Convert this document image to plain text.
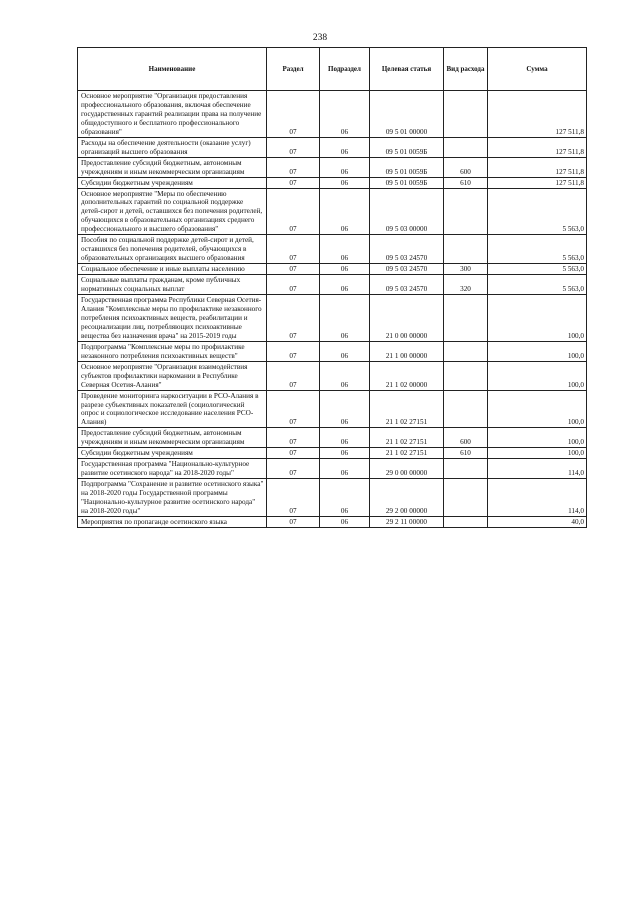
238
Наименование	Раздел	Подраздел	Целевая статья	Вид расхода	Сумма
Основное мероприятие "Организация предоставления профессионального образования, включая обеспечение государственных гарантий реализации права на получение общедоступного и бесплатного профессионального образования"	07	06	09 5 01 00000		127 511,8
Расходы на обеспечение деятельности (оказание услуг) организаций высшего образования	07	06	09 5 01 0059Б		127 511,8
Предоставление субсидий бюджетным, автономным учреждениям и иным некоммерческим организациям	07	06	09 5 01 0059Б	600	127 511,8
Субсидии бюджетным учреждениям	07	06	09 5 01 0059Б	610	127 511,8
Основное мероприятие "Меры по обеспечению дополнительных гарантий по социальной поддержке детей-сирот и детей, оставшихся без попечения родителей, обучающихся в образовательных организациях среднего профессионального и высшего образования"	07	06	09 5 03 00000		5 563,0
Пособия по социальной поддержке детей-сирот и детей, оставшихся без попечения родителей, обучающихся в образовательных организациях высшего образования	07	06	09 5 03 24570		5 563,0
Социальное обеспечение и иные выплаты населению	07	06	09 5 03 24570	300	5 563,0
Социальные выплаты гражданам, кроме публичных нормативных социальных выплат	07	06	09 5 03 24570	320	5 563,0
Государственная программа Республики Северная Осетия-Алания "Комплексные меры по профилактике незаконного потребления психоактивных веществ, реабилитации и ресоциализации лиц, потребляющих психоактивные вещества без назначения врача" на 2015-2019 годы	07	06	21 0 00 00000		100,0
Подпрограмма "Комплексные меры по профилактике незаконного потребления психоактивных веществ"	07	06	21 1 00 00000		100,0
Основное мероприятие "Организация взаимодействия субъектов профилактики наркомании в Республике Северная Осетия-Алания"	07	06	21 1 02 00000		100,0
Проведение мониторинга наркоситуации в РСО-Алания в разрезе субъективных показателей (социологический опрос и социологическое исследование населения РСО-Алания)	07	06	21 1 02 27151		100,0
Предоставление субсидий бюджетным, автономным учреждениям и иным некоммерческим организациям	07	06	21 1 02 27151	600	100,0
Субсидии бюджетным учреждениям	07	06	21 1 02 27151	610	100,0
Государственная программа "Национально-культурное развитие осетинского народа" на 2018-2020 годы"	07	06	29 0 00 00000		114,0
Подпрограмма "Сохранение и развитие осетинского языка" на 2018-2020 годы Государственной программы "Национально-культурное развитие осетинского народа" на 2018-2020 годы"	07	06	29 2 00 00000		114,0
Мероприятия по пропаганде осетинского языка	07	06	29 2 11 00000		40,0
